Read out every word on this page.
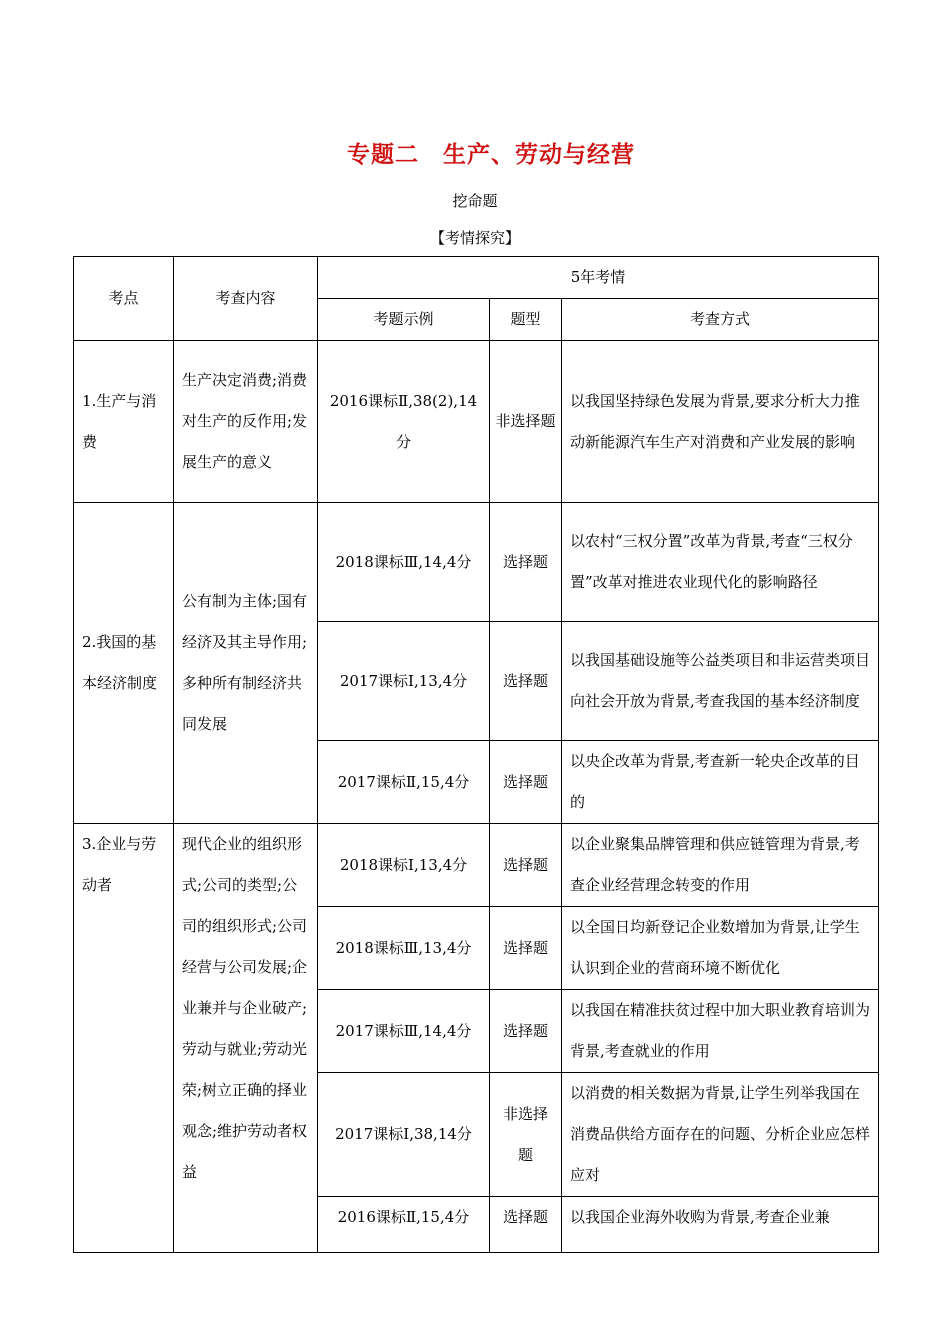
专题二　生产、劳动与经营
挖命题
【考情探究】
考点	考查内容	5年考情		
		考题示例	题型	考查方式
1.生产与消费	生产决定消费;消费对生产的反作用;发展生产的意义	2016课标Ⅱ,38(2),14分	非选择题	以我国坚持绿色发展为背景,要求分析大力推动新能源汽车生产对消费和产业发展的影响
2.我国的基本经济制度	公有制为主体;国有经济及其主导作用;多种所有制经济共同发展	2018课标Ⅲ,14,4分	选择题	以农村“三权分置”改革为背景,考查“三权分置”改革对推进农业现代化的影响路径
		2017课标Ⅰ,13,4分	选择题	以我国基础设施等公益类项目和非运营类项目向社会开放为背景,考查我国的基本经济制度
		2017课标Ⅱ,15,4分	选择题	以央企改革为背景,考查新一轮央企改革的目的
3.企业与劳动者	现代企业的组织形式;公司的类型;公司的组织形式;公司经营与公司发展;企业兼并与企业破产;劳动与就业;劳动光荣;树立正确的择业观念;维护劳动者权益	2018课标Ⅰ,13,4分	选择题	以企业聚集品牌管理和供应链管理为背景,考查企业经营理念转变的作用
		2018课标Ⅲ,13,4分	选择题	以全国日均新登记企业数增加为背景,让学生认识到企业的营商环境不断优化
		2017课标Ⅲ,14,4分	选择题	以我国在精准扶贫过程中加大职业教育培训为背景,考查就业的作用
		2017课标Ⅰ,38,14分	非选择题	以消费的相关数据为背景,让学生列举我国在消费品供给方面存在的问题、分析企业应怎样应对
		2016课标Ⅱ,15,4分	选择题	以我国企业海外收购为背景,考查企业兼
